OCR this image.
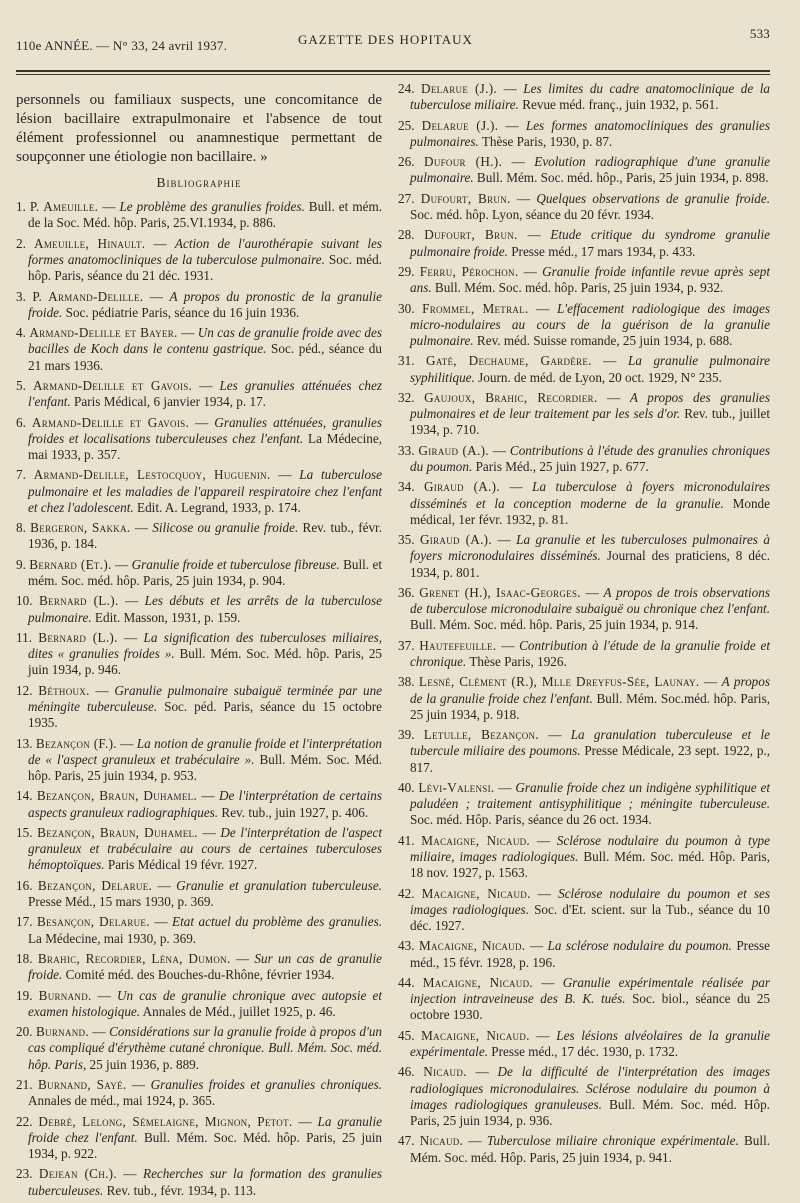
110e ANNÉE. — N° 33, 24 avril 1937.	GAZETTE DES HOPITAUX	533

personnels ou familiaux suspects, une concomitance de lésion bacillaire extrapulmonaire et l'absence de tout élément professionnel ou anamnestique permettant de soupçonner une étiologie non bacillaire. »

Bibliographie

1. P. Ameuille. — Le problème des granulies froides. Bull. et mém. de la Soc. Méd. hôp. Paris, 25.VI.1934, p. 886.

2. Ameuille, Hinault. — Action de l'aurothérapie suivant les formes anatomocliniques de la tuberculose pulmonaire. Soc. méd. hôp. Paris, séance du 21 déc. 1931.

3. P. Armand-Delille. — A propos du pronostic de la granulie froide. Soc. pédiatrie Paris, séance du 16 juin 1936.

4. Armand-Delille et Bayer. — Un cas de granulie froide avec des bacilles de Koch dans le contenu gastrique. Soc. péd., séance du 21 mars 1936.

5. Armand-Delille et Gavois. — Les granulies atténuées chez l'enfant. Paris Médical, 6 janvier 1934, p. 17.

6. Armand-Delille et Gavois. — Granulies atténuées, granulies froides et localisations tuberculeuses chez l'enfant. La Médecine, mai 1933, p. 357.

7. Armand-Delille, Lestocquoy, Huguenin. — La tuberculose pulmonaire et les maladies de l'appareil respiratoire chez l'enfant et chez l'adolescent. Edit. A. Legrand, 1933, p. 174.

8. Bergeron, Sakka. — Silicose ou granulie froide. Rev. tub., févr. 1936, p. 184.

9. Bernard (Et.). — Granulie froide et tuberculose fibreuse. Bull. et mém. Soc. méd. hôp. Paris, 25 juin 1934, p. 904.

10. Bernard (L.). — Les débuts et les arrêts de la tuberculose pulmonaire. Edit. Masson, 1931, p. 159.

11. Bernard (L.). — La signification des tuberculoses miliaires, dites « granulies froides ». Bull. Mém. Soc. Méd. hôp. Paris, 25 juin 1934, p. 946.

12. Béthoux. — Granulie pulmonaire subaiguë terminée par une méningite tuberculeuse. Soc. péd. Paris, séance du 15 octobre 1935.

13. Bezançon (F.). — La notion de granulie froide et l'interprétation de « l'aspect granuleux et trabéculaire ». Bull. Mém. Soc. Méd. hôp. Paris, 25 juin 1934, p. 953.

14. Bezançon, Braun, Duhamel. — De l'interprétation de certains aspects granuleux radiographiques. Rev. tub., juin 1927, p. 406.

15. Bezançon, Braun, Duhamel. — De l'interprétation de l'aspect granuleux et trabéculaire au cours de certaines tuberculoses hémoptoïques. Paris Médical 19 févr. 1927.

16. Bezançon, Delarue. — Granulie et granulation tuberculeuse. Presse Méd., 15 mars 1930, p. 369.

17. Besançon, Delarue. — Etat actuel du problème des granulies. La Médecine, mai 1930, p. 369.

18. Brahic, Recordier, Léna, Dumon. — Sur un cas de granulie froide. Comité méd. des Bouches-du-Rhône, février 1934.

19. Burnand. — Un cas de granulie chronique avec autopsie et examen histologique. Annales de Méd., juillet 1925, p. 46.

20. Burnand. — Considérations sur la granulie froide à propos d'un cas compliqué d'érythème cutané chronique. Bull. Mém. Soc. méd. hôp. Paris, 25 juin 1936, p. 889.

21. Burnand, Sayé. — Granulies froides et granulies chroniques. Annales de méd., mai 1924, p. 365.

22. Debré, Lelong, Sémelaigne, Mignon, Petot. — La granulie froide chez l'enfant. Bull. Mém. Soc. Méd. hôp. Paris, 25 juin 1934, p. 922.

23. Dejean (Ch.). — Recherches sur la formation des granulies tuberculeuses. Rev. tub., févr. 1934, p. 113.

24. Delarue (J.). — Les limites du cadre anatomoclinique de la tuberculose miliaire. Revue méd. franç., juin 1932, p. 561.

25. Delarue (J.). — Les formes anatomocliniques des granulies pulmonaires. Thèse Paris, 1930, p. 87.

26. Dufour (H.). — Evolution radiographique d'une granulie pulmonaire. Bull. Mém. Soc. méd. hôp., Paris, 25 juin 1934, p. 898.

27. Dufourt, Brun. — Quelques observations de granulie froide. Soc. méd. hôp. Lyon, séance du 20 févr. 1934.

28. Dufourt, Brun. — Etude critique du syndrome granulie pulmonaire froide. Presse méd., 17 mars 1934, p. 433.

29. Ferru, Pérochon. — Granulie froide infantile revue après sept ans. Bull. Mém. Soc. méd. hôp. Paris, 25 juin 1934, p. 932.

30. Frommel, Metral. — L'effacement radiologique des images micro-nodulaires au cours de la guérison de la granulie pulmonaire. Rev. méd. Suisse romande, 25 juin 1934, p. 688.

31. Gaté, Dechaume, Gardère. — La granulie pulmonaire syphilitique. Journ. de méd. de Lyon, 20 oct. 1929, N° 235.

32. Gaujoux, Brahic, Recordier. — A propos des granulies pulmonaires et de leur traitement par les sels d'or. Rev. tub., juillet 1934, p. 710.

33. Giraud (A.). — Contributions à l'étude des granulies chroniques du poumon. Paris Méd., 25 juin 1927, p. 677.

34. Giraud (A.). — La tuberculose à foyers micronodulaires disséminés et la conception moderne de la granulie. Monde médical, 1er févr. 1932, p. 81.

35. Giraud (A.). — La granulie et les tuberculoses pulmonaires à foyers micronodulaires disséminés. Journal des praticiens, 8 déc. 1934, p. 801.

36. Grenet (H.), Isaac-Georges. — A propos de trois observations de tuberculose micronodulaire subaiguë ou chronique chez l'enfant. Bull. Mém. Soc. méd. hôp. Paris, 25 juin 1934, p. 914.

37. Hautefeuille. — Contribution à l'étude de la granulie froide et chronique. Thèse Paris, 1926.

38. Lesné, Clément (R.), Mlle Dreyfus-Sée, Launay. — A propos de la granulie froide chez l'enfant. Bull. Mém. Soc.méd. hôp. Paris, 25 juin 1934, p. 918.

39. Letulle, Bezançon. — La granulation tuberculeuse et le tubercule miliaire des poumons. Presse Médicale, 23 sept. 1922, p., 817.

40. Lévi-Valensi. — Granulie froide chez un indigène syphilitique et paludéen ; traitement antisyphilitique ; méningite tuberculeuse. Soc. méd. Hôp. Paris, séance du 26 oct. 1934.

41. Macaigne, Nicaud. — Sclérose nodulaire du poumon à type miliaire, images radiologiques. Bull. Mém. Soc. méd. Hôp. Paris, 18 nov. 1927, p. 1563.

42. Macaigne, Nicaud. — Sclérose nodulaire du poumon et ses images radiologiques. Soc. d'Et. scient. sur la Tub., séance du 10 déc. 1927.

43. Macaigne, Nicaud. — La sclérose nodulaire du poumon. Presse méd., 15 févr. 1928, p. 196.

44. Macaigne, Nicaud. — Granulie expérimentale réalisée par injection intraveineuse des B. K. tués. Soc. biol., séance du 25 octobre 1930.

45. Macaigne, Nicaud. — Les lésions alvéolaires de la granulie expérimentale. Presse méd., 17 déc. 1930, p. 1732.

46. Nicaud. — De la difficulté de l'interprétation des images radiologiques micronodulaires. Sclérose nodulaire du poumon à images radiologiques granuleuses. Bull. Mém. Soc. méd. Hôp. Paris, 25 juin 1934, p. 936.

47. Nicaud. — Tuberculose miliaire chronique expérimentale. Bull. Mém. Soc. méd. Hôp. Paris, 25 juin 1934, p. 941.
